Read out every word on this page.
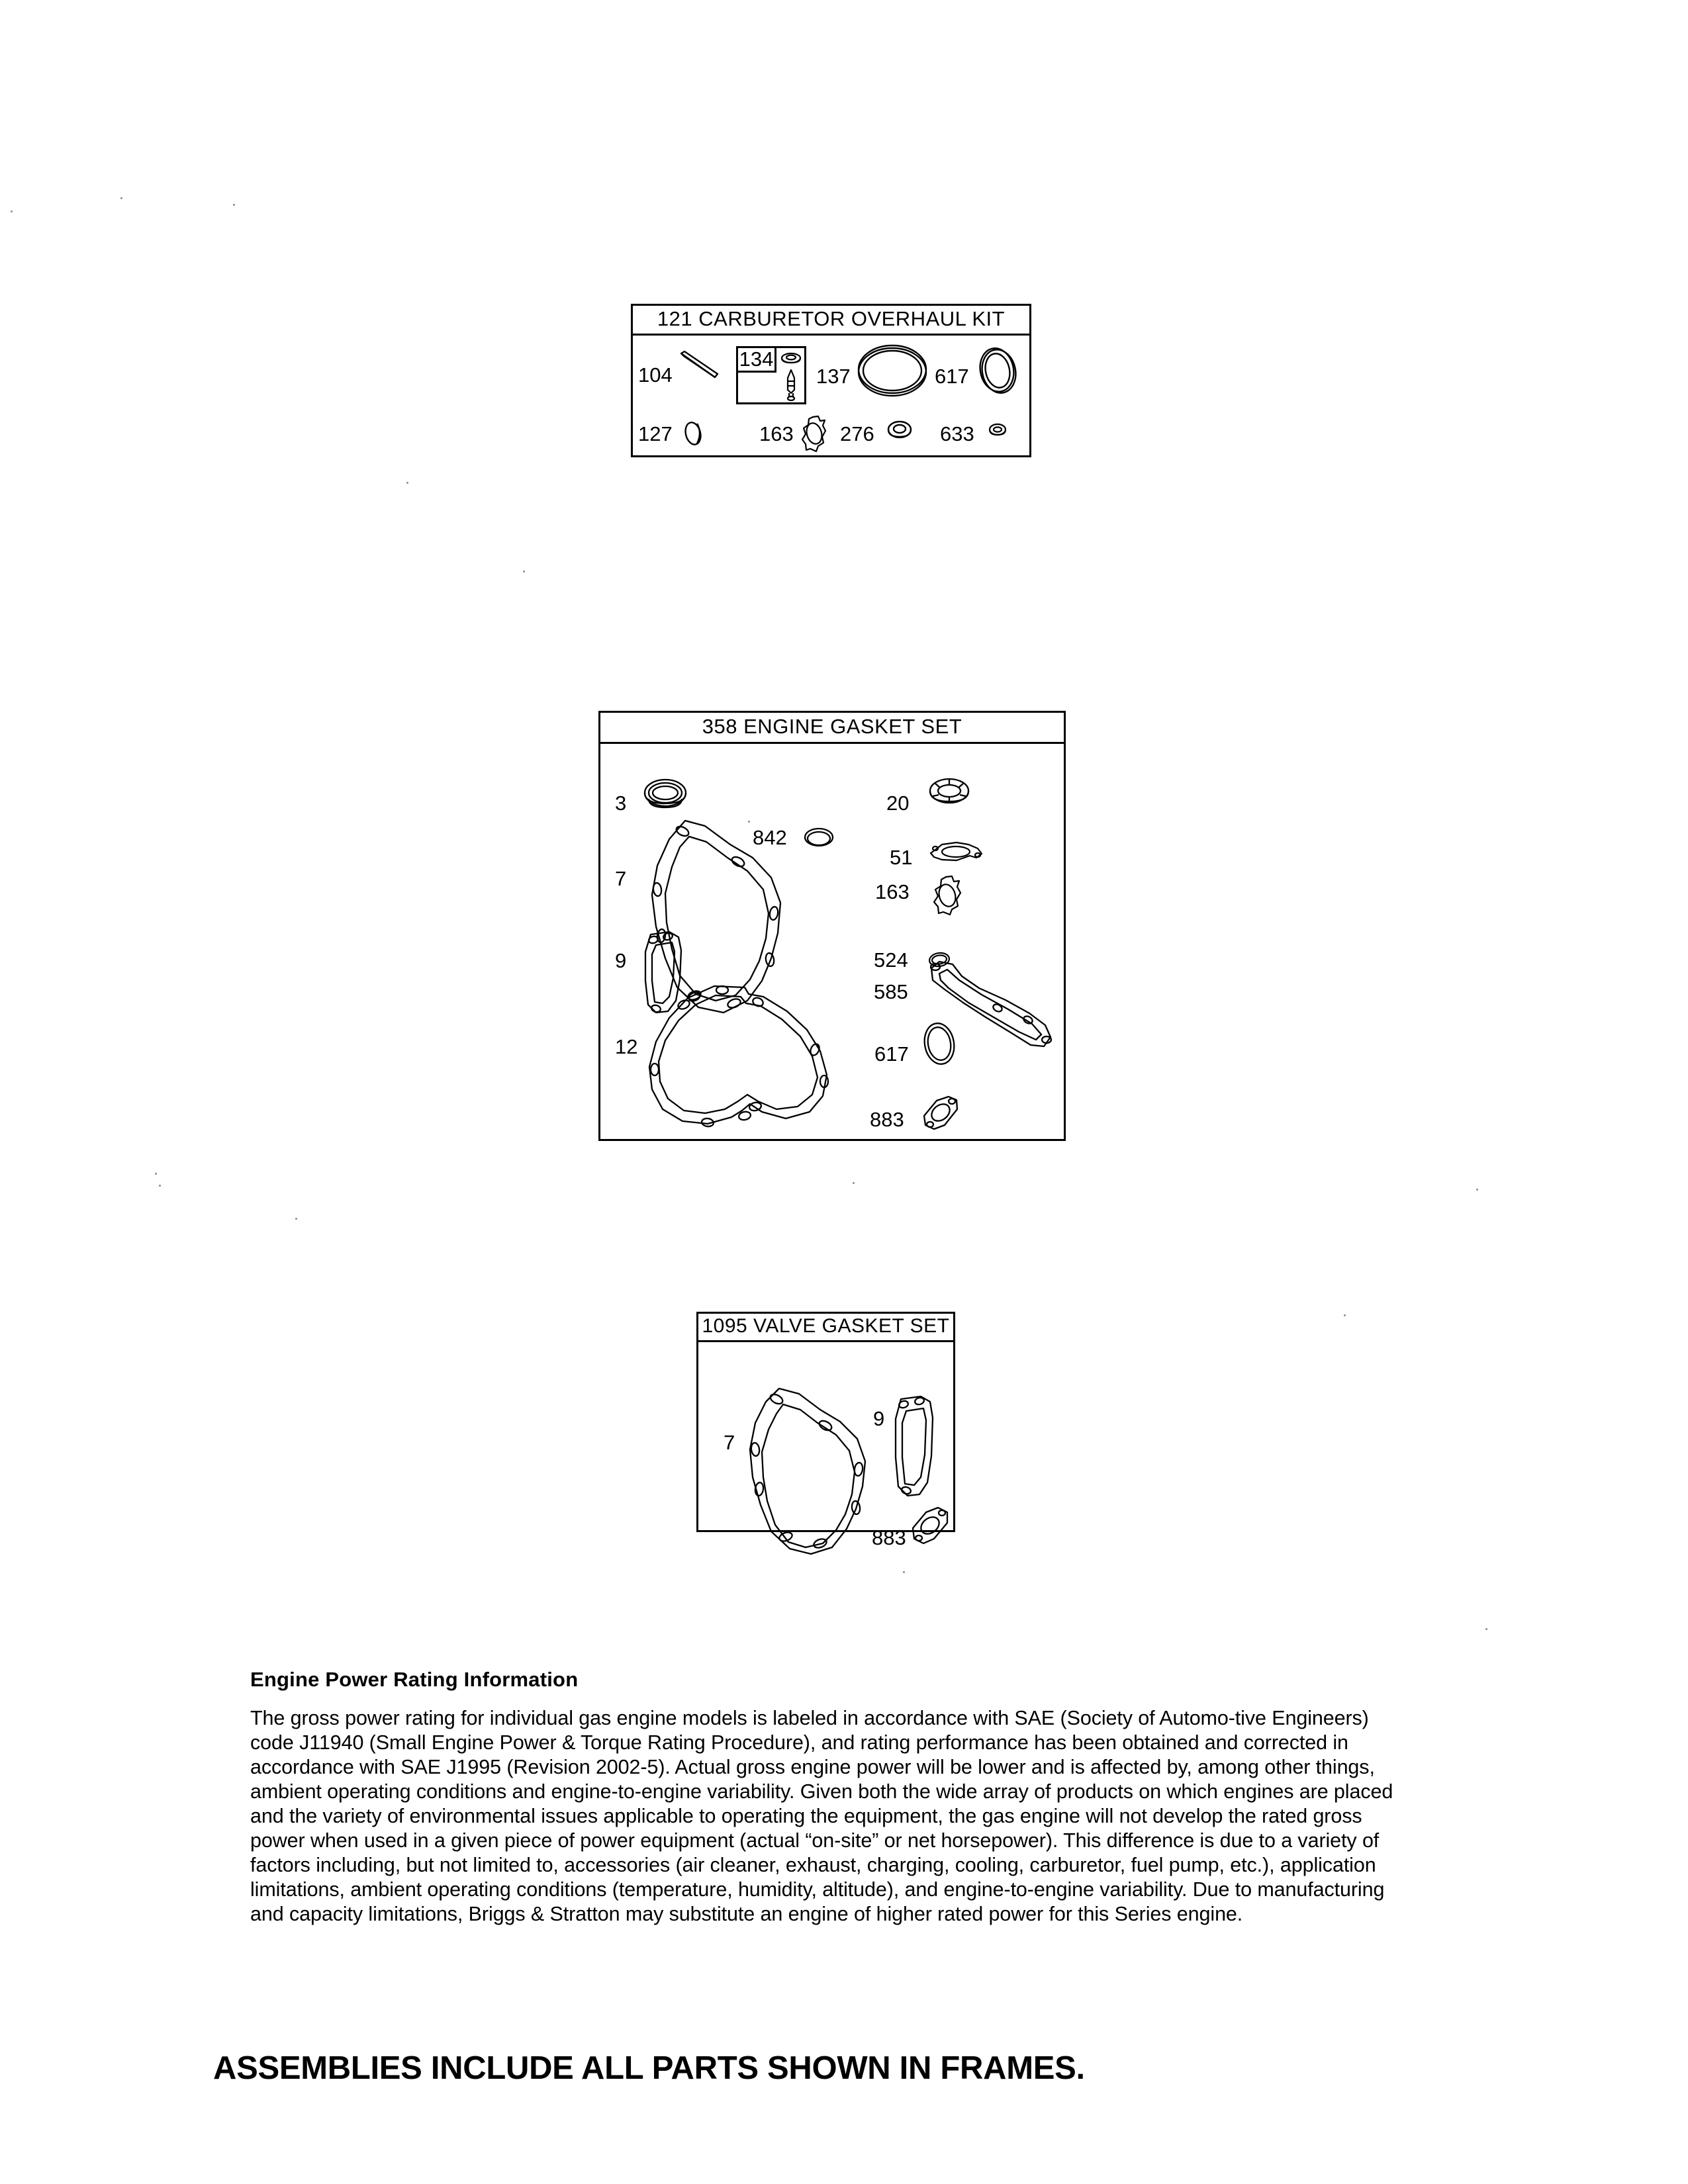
121 CARBURETOR OVERHAUL KIT
104
134
137	617
127	163 276	633
358 ENGINE GASKET SET
3	20
842
51
7
163
524
9
585
12	617
883
1095 VALVE GASKET SET
7
9
883
Engine Power Rating Information

The gross power rating for individual gas engine models is labeled in accordance with SAE (Society of Automo-tive Engineers) code J11940 (Small Engine Power & Torque Rating Procedure), and rating performance has been obtained and corrected in accordance with SAE J1995 (Revision 2002-5). Actual gross engine power will be lower and is affected by, among other things, ambient operating conditions and engine-to-engine variability. Given both the wide array of products on which engines are placed and the variety of environmental issues applicable to operating the equipment, the gas engine will not develop the rated gross power when used in a given piece of power equipment (actual “on-site” or net horsepower). This difference is due to a variety of factors including, but not limited to, accessories (air cleaner, exhaust, charging, cooling, carburetor, fuel pump, etc.), application limitations, ambient operating conditions (temperature, humidity, altitude), and engine-to-engine variability. Due to manufacturing and capacity limitations, Briggs & Stratton may substitute an engine of higher rated power for this Series engine.

ASSEMBLIES INCLUDE ALL PARTS SHOWN IN FRAMES.
